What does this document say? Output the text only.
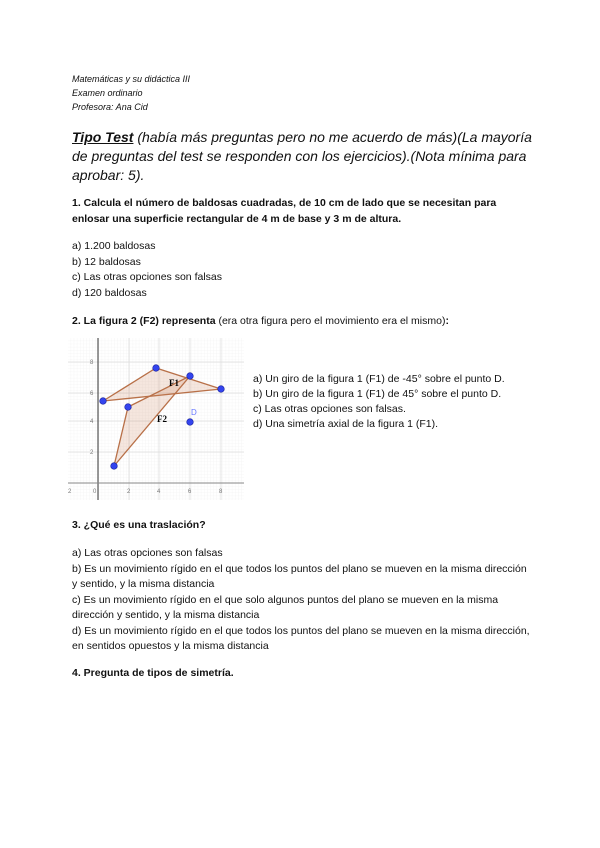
Matemáticas y su didáctica III
Examen ordinario
Profesora: Ana Cid
Tipo Test (había más preguntas pero no me acuerdo de más)(La mayoría de preguntas del test se responden con los ejercicios).(Nota mínima para aprobar: 5).
1. Calcula el número de baldosas cuadradas, de 10 cm de lado que se necesitan para enlosar una superficie rectangular de 4 m de base y 3 m de altura.
a) 1.200 baldosas
b) 12 baldosas
c) Las otras opciones son falsas
d) 120 baldosas
2. La figura 2 (F2) representa (era otra figura pero el movimiento era el mismo):
F1
F2
D
2	0	2	4	6	8
8
6
4
2
a) Un giro de la figura 1 (F1) de -45° sobre el punto D.
b) Un giro de la figura 1 (F1) de 45° sobre el punto D.
c) Las otras opciones son falsas.
d) Una simetría axial de la figura 1 (F1).
3. ¿Qué es una traslación?
a) Las otras opciones son falsas
b) Es un movimiento rígido en el que todos los puntos del plano se mueven en la misma dirección y sentido, y la misma distancia
c) Es un movimiento rígido en el que solo algunos puntos del plano se mueven en la misma dirección y sentido, y la misma distancia
d) Es un movimiento rígido en el que todos los puntos del plano se mueven en la misma dirección, en sentidos opuestos y la misma distancia
4. Pregunta de tipos de simetría.
